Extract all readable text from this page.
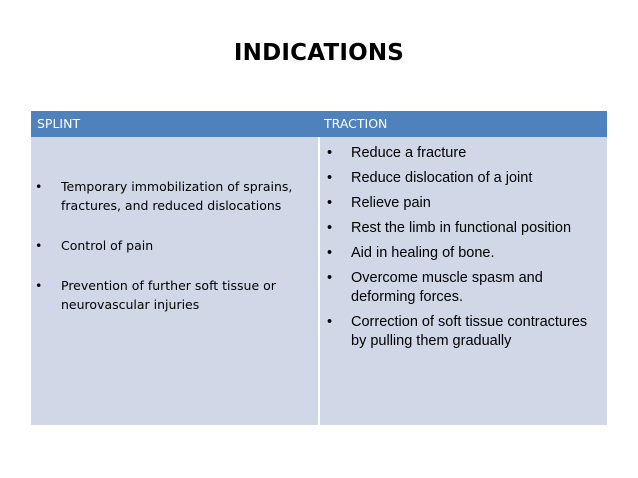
INDICATIONS
SPLINT	TRACTION
• Temporary immobilization of sprains, fractures, and reduced dislocations
• Control of pain
• Prevention of further soft tissue or neurovascular injuries
• Reduce a fracture
• Reduce dislocation of a joint
• Relieve pain
• Rest the limb in functional position
• Aid in healing of bone.
• Overcome muscle spasm and deforming forces.
• Correction of soft tissue contractures by pulling them gradually
